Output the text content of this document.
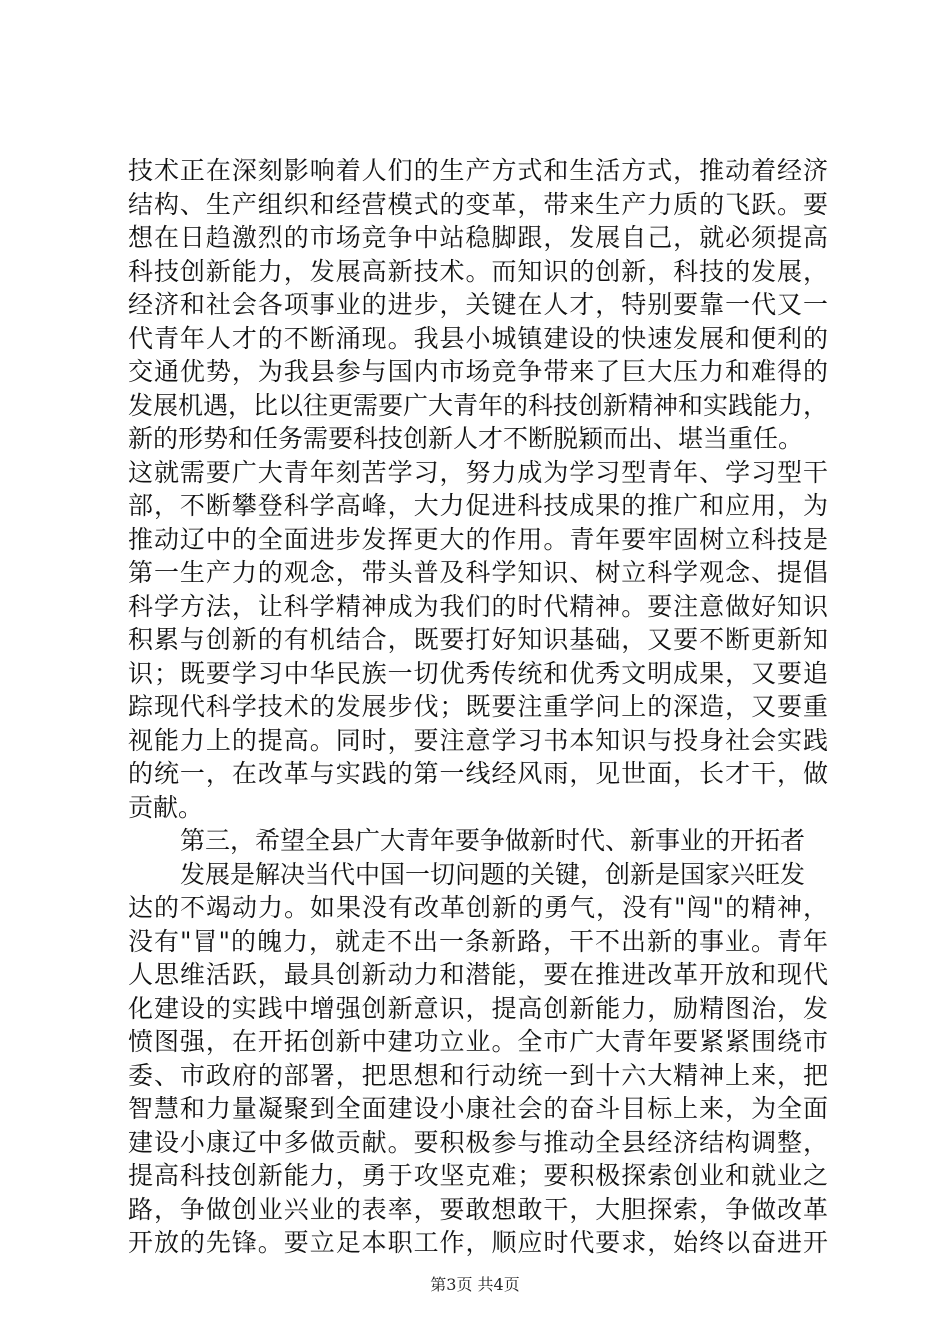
技术正在深刻影响着人们的生产方式和生活方式，推动着经济
结构、生产组织和经营模式的变革，带来生产力质的飞跃。要
想在日趋激烈的市场竞争中站稳脚跟，发展自己，就必须提高
科技创新能力，发展高新技术。而知识的创新，科技的发展，
经济和社会各项事业的进步，关键在人才，特别要靠一代又一
代青年人才的不断涌现。我县小城镇建设的快速发展和便利的
交通优势，为我县参与国内市场竞争带来了巨大压力和难得的
发展机遇，比以往更需要广大青年的科技创新精神和实践能力，
新的形势和任务需要科技创新人才不断脱颖而出、堪当重任。
这就需要广大青年刻苦学习，努力成为学习型青年、学习型干
部，不断攀登科学高峰，大力促进科技成果的推广和应用，为
推动辽中的全面进步发挥更大的作用。青年要牢固树立科技是
第一生产力的观念，带头普及科学知识、树立科学观念、提倡
科学方法，让科学精神成为我们的时代精神。要注意做好知识
积累与创新的有机结合，既要打好知识基础，又要不断更新知
识；既要学习中华民族一切优秀传统和优秀文明成果，又要追
踪现代科学技术的发展步伐；既要注重学问上的深造，又要重
视能力上的提高。同时，要注意学习书本知识与投身社会实践
的统一，在改革与实践的第一线经风雨，见世面，长才干，做
贡献。
第三，希望全县广大青年要争做新时代、新事业的开拓者
发展是解决当代中国一切问题的关键，创新是国家兴旺发
达的不竭动力。如果没有改革创新的勇气，没有"闯"的精神，
没有"冒"的魄力，就走不出一条新路，干不出新的事业。青年
人思维活跃，最具创新动力和潜能，要在推进改革开放和现代
化建设的实践中增强创新意识，提高创新能力，励精图治，发
愤图强，在开拓创新中建功立业。全市广大青年要紧紧围绕市
委、市政府的部署，把思想和行动统一到十六大精神上来，把
智慧和力量凝聚到全面建设小康社会的奋斗目标上来，为全面
建设小康辽中多做贡献。要积极参与推动全县经济结构调整，
提高科技创新能力，勇于攻坚克难；要积极探索创业和就业之
路，争做创业兴业的表率，要敢想敢干，大胆探索，争做改革
开放的先锋。要立足本职工作，顺应时代要求，始终以奋进开
第3页 共4页
